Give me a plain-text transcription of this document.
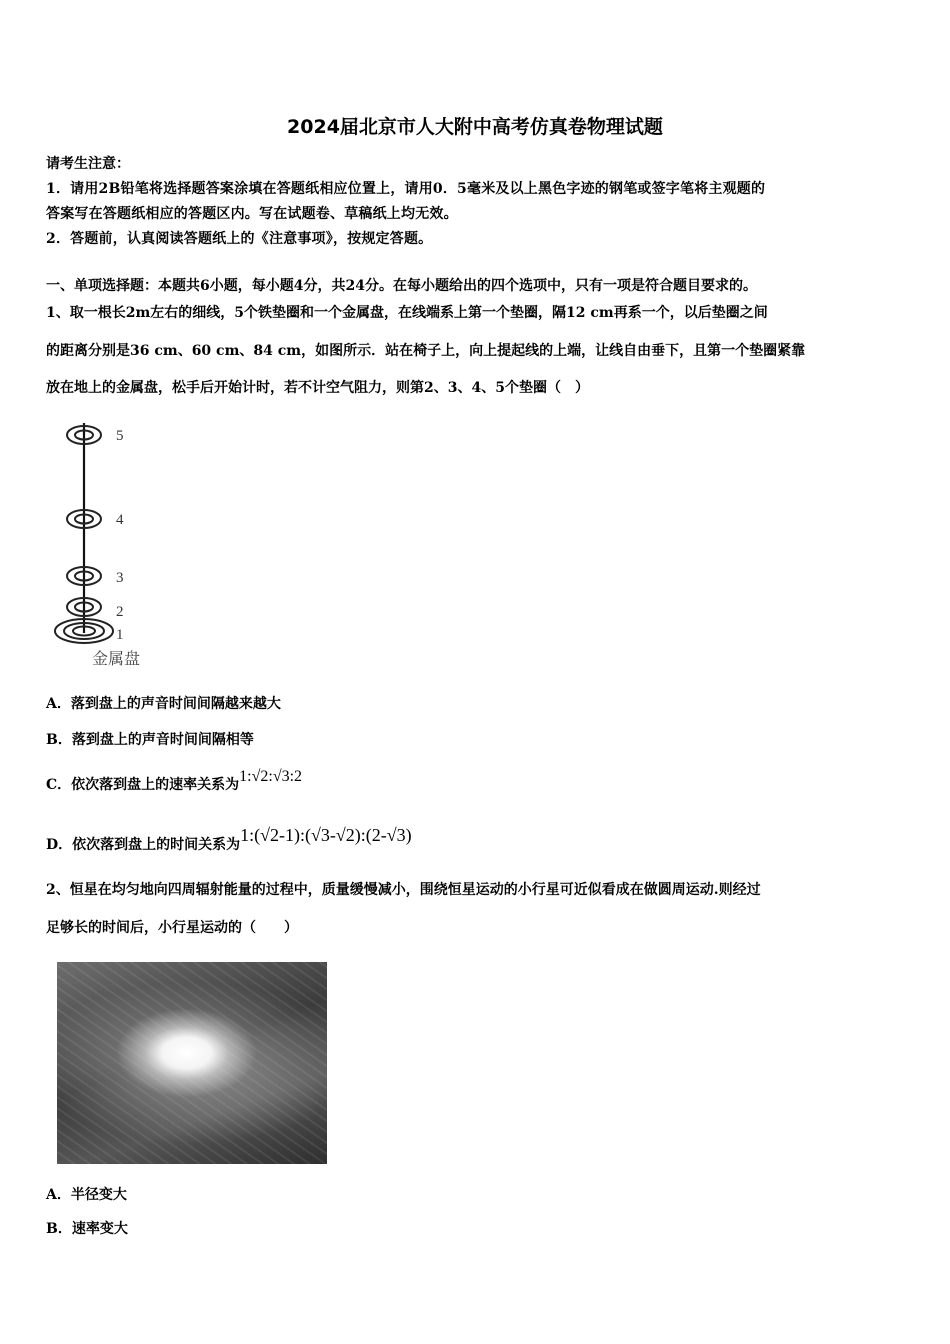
2024届北京市人大附中高考仿真卷物理试题
请考生注意：
1．请用2B铅笔将选择题答案涂填在答题纸相应位置上，请用0．5毫米及以上黑色字迹的钢笔或签字笔将主观题的
答案写在答题纸相应的答题区内。写在试题卷、草稿纸上均无效。
2．答题前，认真阅读答题纸上的《注意事项》，按规定答题。
一、单项选择题：本题共6小题，每小题4分，共24分。在每小题给出的四个选项中，只有一项是符合题目要求的。
1、取一根长2m左右的细线，5个铁垫圈和一个金属盘，在线端系上第一个垫圈，隔12 cm再系一个，以后垫圈之间
的距离分别是36 cm、60 cm、84 cm，如图所示．站在椅子上，向上提起线的上端，让线自由垂下，且第一个垫圈紧靠
放在地上的金属盘，松手后开始计时，若不计空气阻力，则第2、3、4、5个垫圈（　）
5
4
3
2
1
金属盘
A．落到盘上的声音时间间隔越来越大
B．落到盘上的声音时间间隔相等
C．依次落到盘上的速率关系为1:√2:√3:2
D．依次落到盘上的时间关系为1:(√2-1):(√3-√2):(2-√3)
2、恒星在均匀地向四周辐射能量的过程中，质量缓慢减小，围绕恒星运动的小行星可近似看成在做圆周运动.则经过
足够长的时间后，小行星运动的（　　）
A．半径变大
B．速率变大
